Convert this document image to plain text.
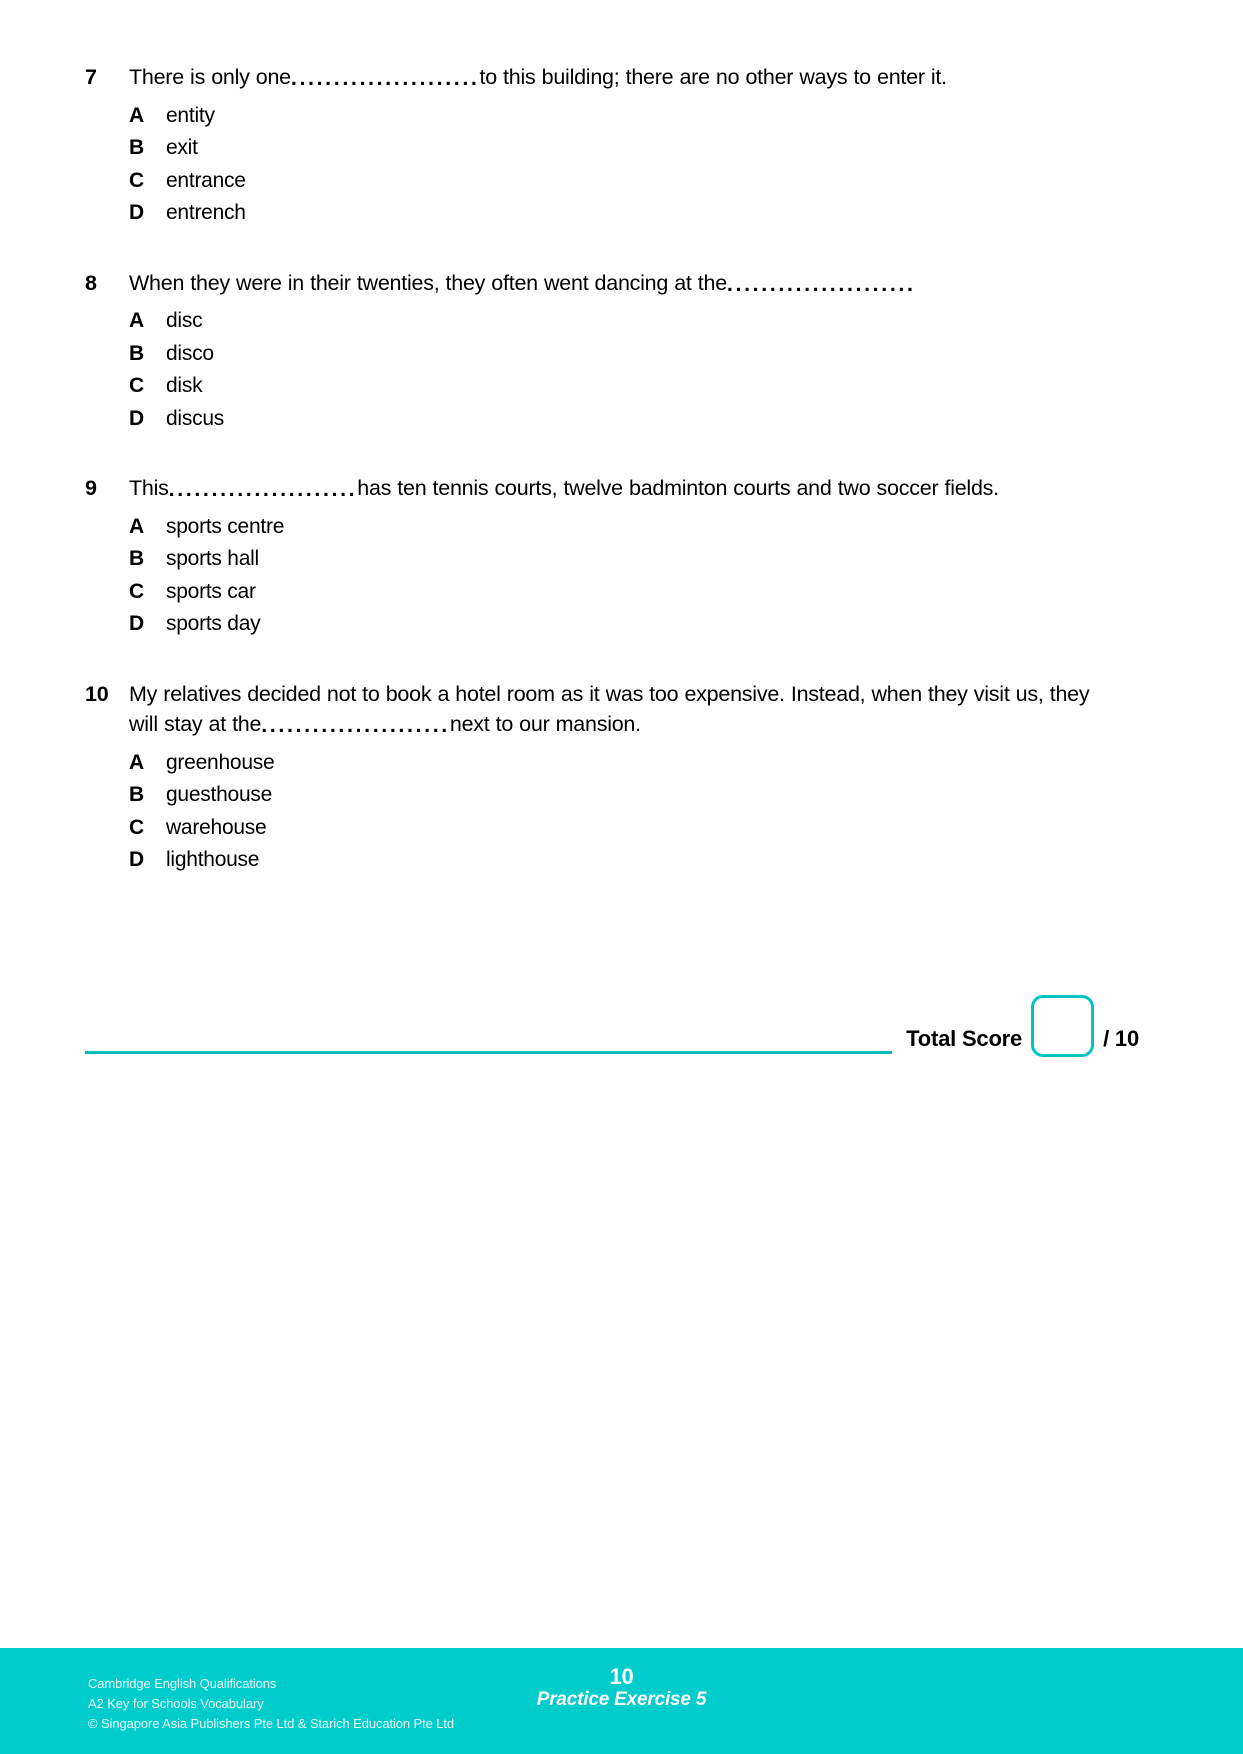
7	There is only one......................to this building; there are no other ways to enter it.
A	entity
B	exit
C	entrance
D	entrench
8	When they were in their twenties, they often went dancing at the......................
A	disc
B	disco
C	disk
D	discus
9	This......................has ten tennis courts, twelve badminton courts and two soccer fields.
A	sports centre
B	sports hall
C	sports car
D	sports day
10 My relatives decided not to book a hotel room as it was too expensive. Instead, when they visit us, they will stay at the......................next to our mansion.
A	greenhouse
B	guesthouse
C	warehouse
D	lighthouse
Total Score	/ 10
Cambridge English Qualifications
A2 Key for Schools Vocabulary
© Singapore Asia Publishers Pte Ltd & Starich Education Pte Ltd
10
Practice Exercise 5
